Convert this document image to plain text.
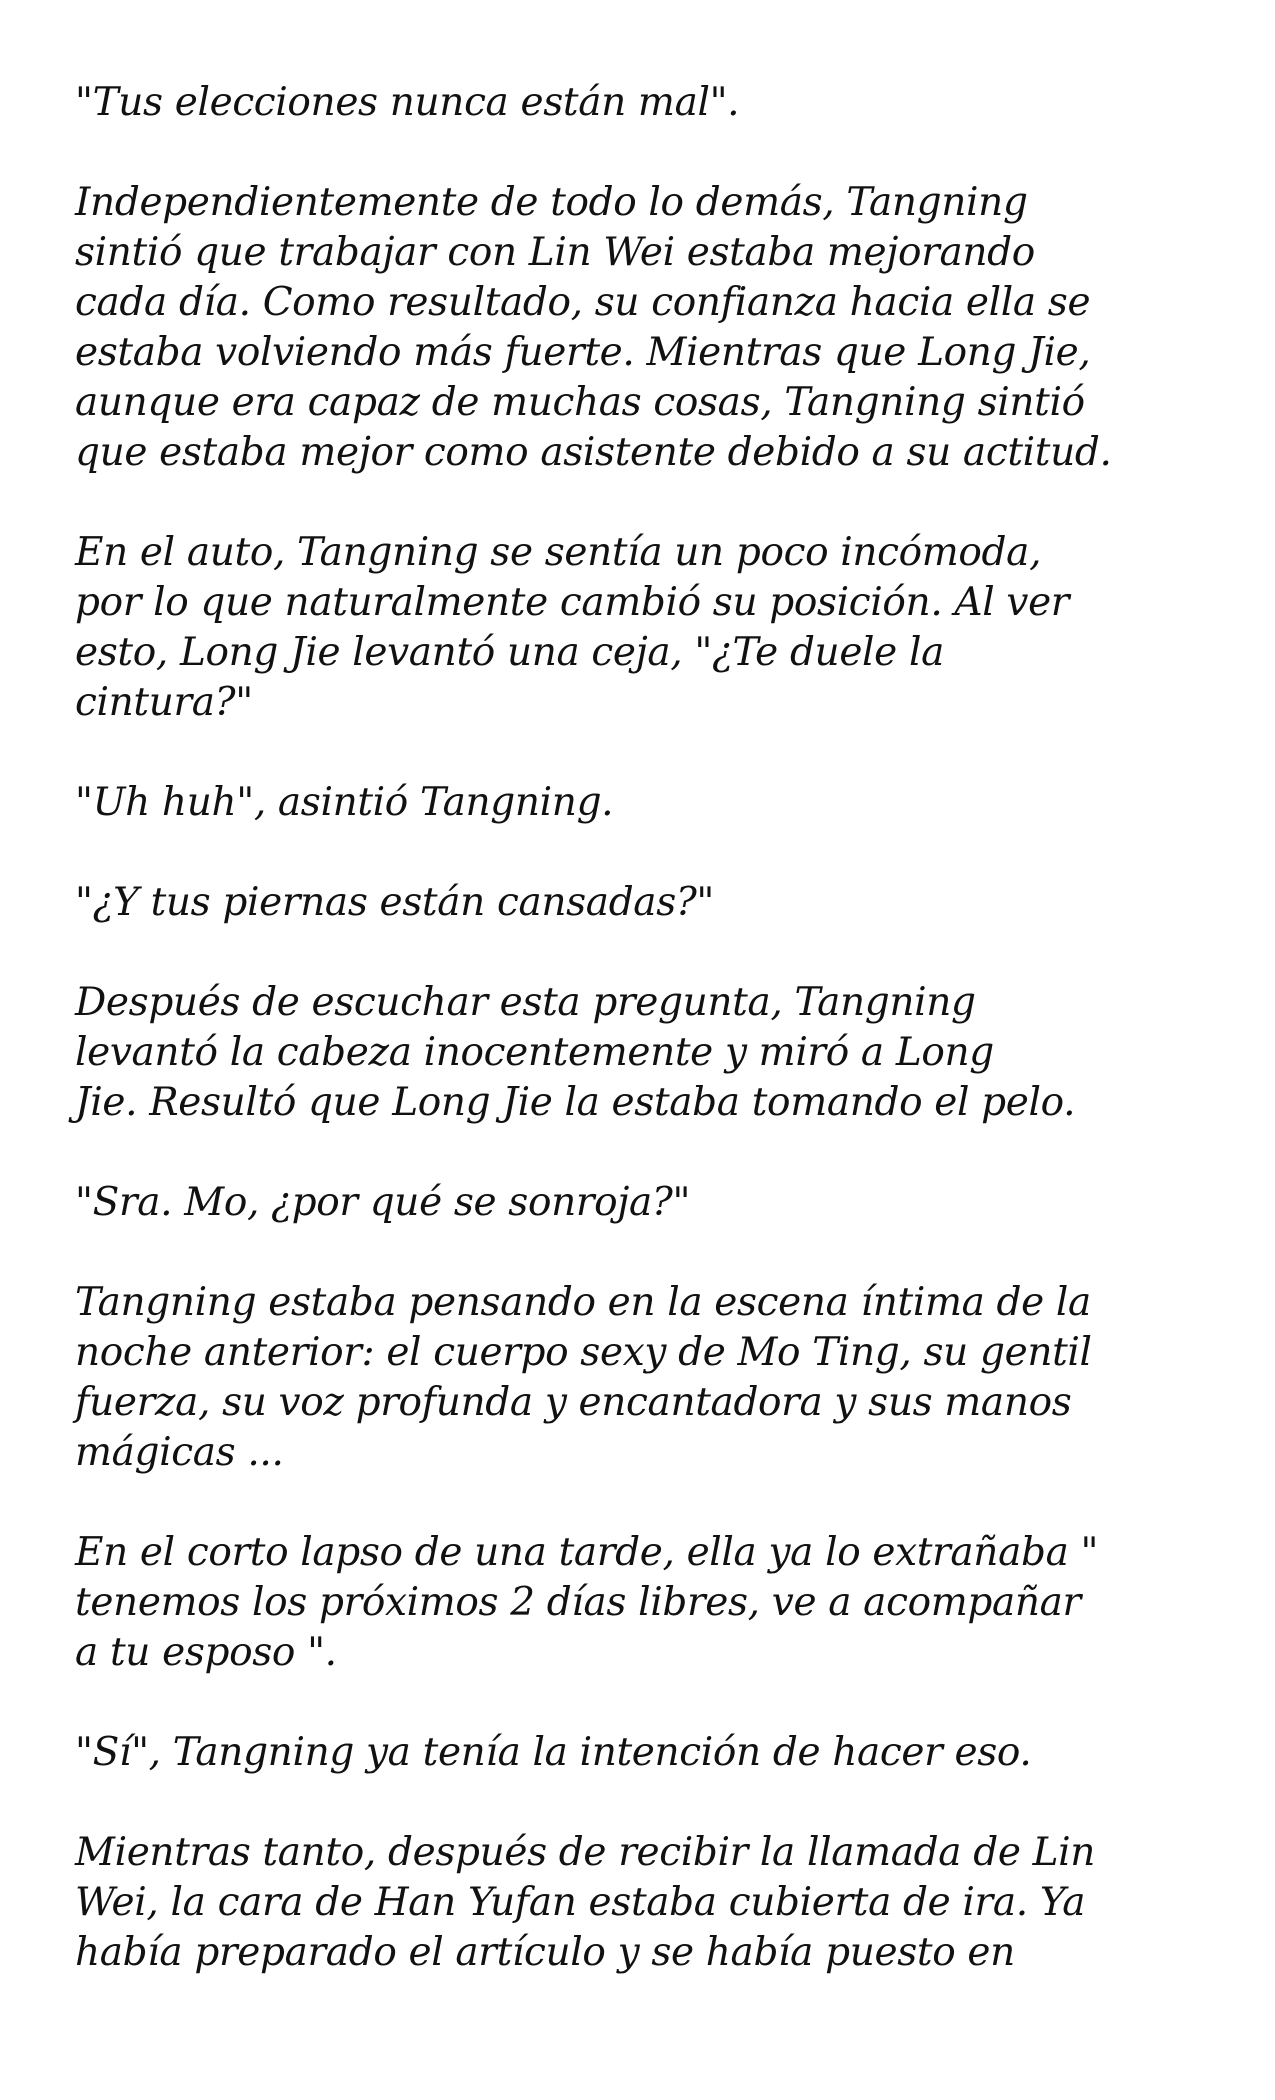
"Tus elecciones nunca están mal".

Independientemente de todo lo demás, Tangning
sintió que trabajar con Lin Wei estaba mejorando
cada día. Como resultado, su confianza hacia ella se
estaba volviendo más fuerte. Mientras que Long Jie,
aunque era capaz de muchas cosas, Tangning sintió
que estaba mejor como asistente debido a su actitud.

En el auto, Tangning se sentía un poco incómoda,
por lo que naturalmente cambió su posición. Al ver
esto, Long Jie levantó una ceja, "¿Te duele la
cintura?"

"Uh huh", asintió Tangning.

"¿Y tus piernas están cansadas?"

Después de escuchar esta pregunta, Tangning
levantó la cabeza inocentemente y miró a Long
Jie. Resultó que Long Jie la estaba tomando el pelo.

"Sra. Mo, ¿por qué se sonroja?"

Tangning estaba pensando en la escena íntima de la
noche anterior: el cuerpo sexy de Mo Ting, su gentil
fuerza, su voz profunda y encantadora y sus manos
mágicas ...

En el corto lapso de una tarde, ella ya lo extrañaba "
tenemos los próximos 2 días libres, ve a acompañar
a tu esposo ".

"Sí", Tangning ya tenía la intención de hacer eso.

Mientras tanto, después de recibir la llamada de Lin
Wei, la cara de Han Yufan estaba cubierta de ira. Ya
había preparado el artículo y se había puesto en
